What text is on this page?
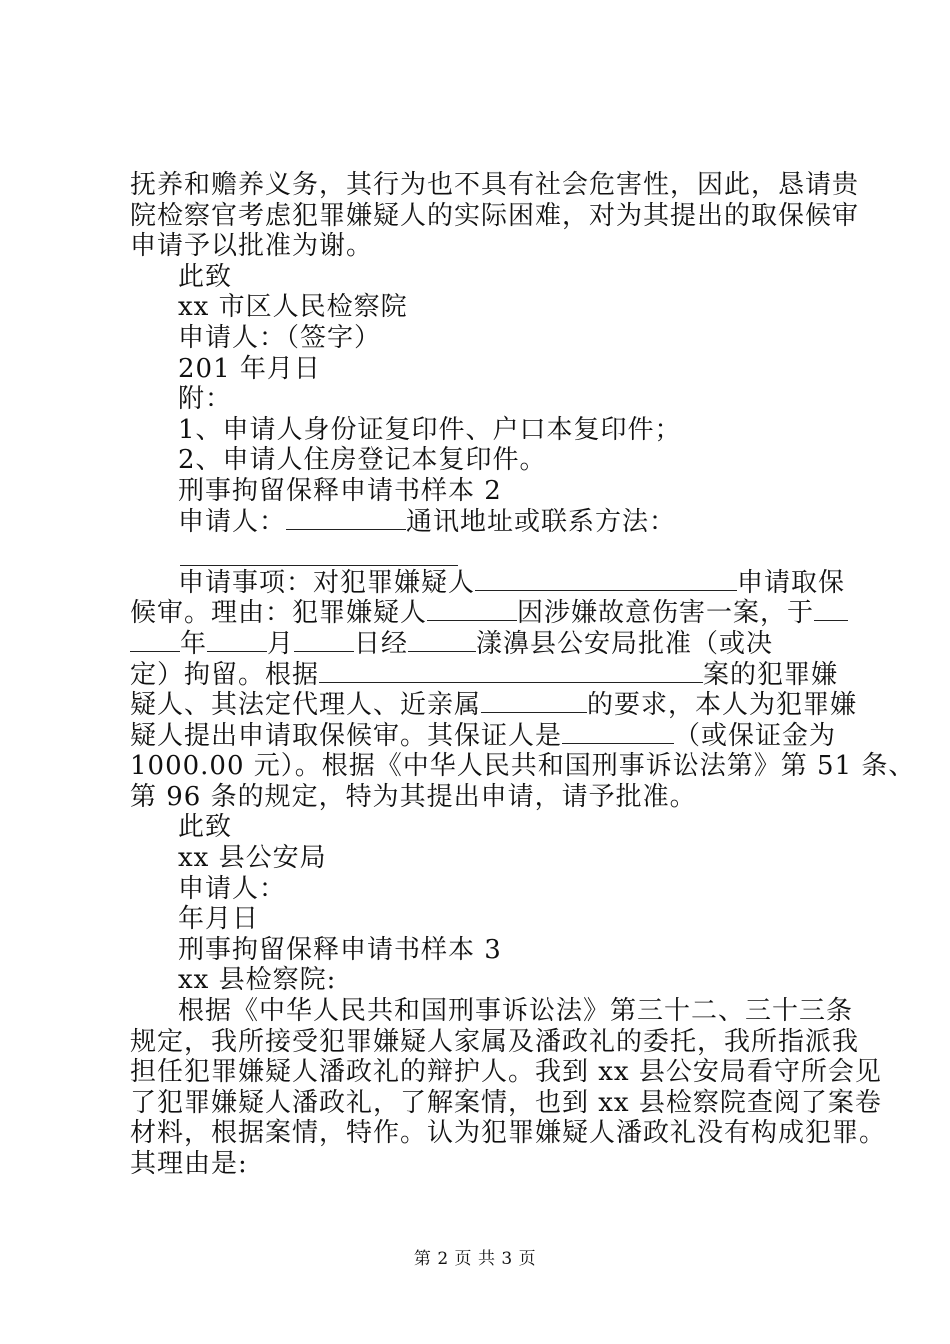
抚养和赡养义务，其行为也不具有社会危害性，因此，恳请贵
院检察官考虑犯罪嫌疑人的实际困难，对为其提出的取保候审
申请予以批准为谢。
此致
xx 市区人民检察院
申请人：（签字）
201 年月日
附：
1、申请人身份证复印件、户口本复印件；
2、申请人住房登记本复印件。
刑事拘留保释申请书样本 2
申请人：	通讯地址或联系方法：
申请事项：对犯罪嫌疑人	申请取保
候审。理由：犯罪嫌疑人	因涉嫌故意伤害一案，于
年 月 日经	漾濞县公安局批准（或决
定）拘留。根据	案的犯罪嫌
疑人、其法定代理人、近亲属	的要求，本人为犯罪嫌
疑人提出申请取保候审。其保证人是	（或保证金为
1000.00 元）。根据《中华人民共和国刑事诉讼法第》第 51 条、
第 96 条的规定，特为其提出申请，请予批准。
此致
xx 县公安局
申请人：
年月日
刑事拘留保释申请书样本 3
xx 县检察院:
根据《中华人民共和国刑事诉讼法》第三十二、三十三条
规定，我所接受犯罪嫌疑人家属及潘政礼的委托，我所指派我
担任犯罪嫌疑人潘政礼的辩护人。我到 xx 县公安局看守所会见
了犯罪嫌疑人潘政礼，了解案情，也到 xx 县检察院查阅了案卷
材料，根据案情，特作。认为犯罪嫌疑人潘政礼没有构成犯罪。
其理由是:
第 2 页 共 3 页
